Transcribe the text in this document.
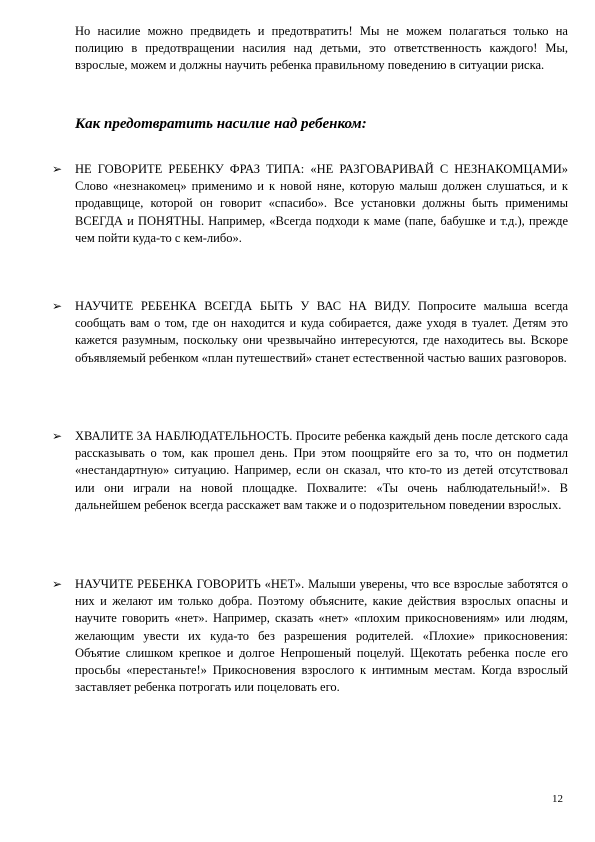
Но насилие можно предвидеть и предотвратить! Мы не можем полагаться только на полицию в предотвращении насилия над детьми, это ответственность каждого! Мы, взрослые, можем и должны научить ребенка правильному поведению в ситуации риска.

Как предотвратить насилие над ребенком:

➢ НЕ ГОВОРИТЕ РЕБЕНКУ ФРАЗ ТИПА: «НЕ РАЗГОВАРИВАЙ С НЕЗНАКОМЦАМИ» Слово «незнакомец» применимо и к новой няне, которую малыш должен слушаться, и к продавщице, которой он говорит «спасибо». Все установки должны быть применимы ВСЕГДА и ПОНЯТНЫ. Например, «Всегда подходи к маме (папе, бабушке и т.д.), прежде чем пойти куда-то с кем-либо».
➢ НАУЧИТЕ РЕБЕНКА ВСЕГДА БЫТЬ У ВАС НА ВИДУ. Попросите малыша всегда сообщать вам о том, где он находится и куда собирается, даже уходя в туалет. Детям это кажется разумным, поскольку они чрезвычайно интересуются, где находитесь вы. Вскоре объявляемый ребенком «план путешествий» станет естественной частью ваших разговоров.
➢ ХВАЛИТЕ ЗА НАБЛЮДАТЕЛЬНОСТЬ. Просите ребенка каждый день после детского сада рассказывать о том, как прошел день. При этом поощряйте его за то, что он подметил «нестандартную» ситуацию. Например, если он сказал, что кто-то из детей отсутствовал или они играли на новой площадке. Похвалите: «Ты очень наблюдательный!». В дальнейшем ребенок всегда расскажет вам также и о подозрительном поведении взрослых.
➢ НАУЧИТЕ РЕБЕНКА ГОВОРИТЬ «НЕТ». Малыши уверены, что все взрослые заботятся о них и желают им только добра. Поэтому объясните, какие действия взрослых опасны и научите говорить «нет». Например, сказать «нет» «плохим прикосновениям» или людям, желающим увести их куда-то без разрешения родителей. «Плохие» прикосновения: Объятие слишком крепкое и долгое Непрошеный поцелуй. Щекотать ребенка после его просьбы «перестаньте!» Прикосновения взрослого к интимным местам. Когда взрослый заставляет ребенка потрогать или поцеловать его.
12
